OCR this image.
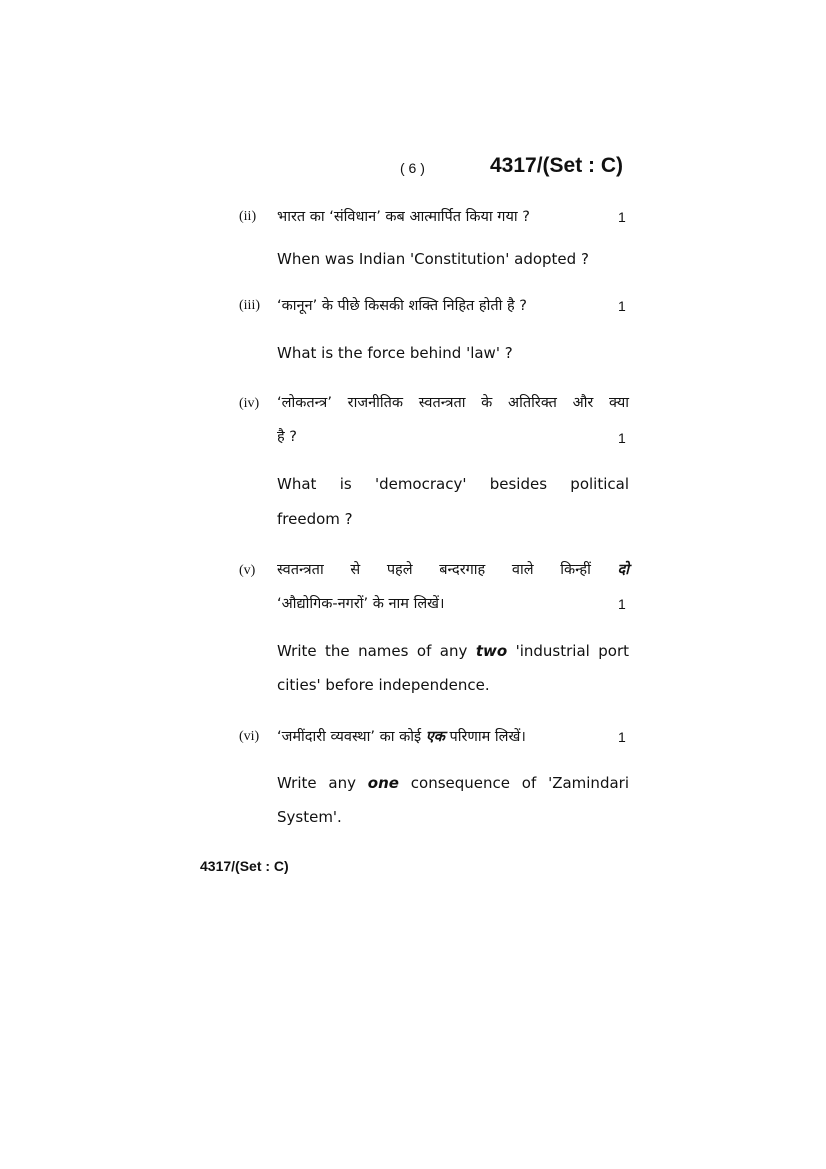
( 6 )	4317/(Set : C)
(ii) भारत का ‘संविधान’ कब आत्मार्पित किया गया ?	1

When was Indian 'Constitution' adopted ?

(iii) ‘कानून’ के पीछे किसकी शक्ति निहित होती है ?	1

What is the force behind 'law' ?

(iv) ‘लोकतन्त्र’ राजनीतिक स्वतन्त्रता के अतिरिक्त और क्या

है ?	1

What is 'democracy' besides political

freedom ?

(v) स्वतन्त्रता से पहले बन्दरगाह वाले किन्हीं दो

‘औद्योगिक-नगरों’ के नाम लिखें।	1

Write the names of any two 'industrial port cities' before independence.

(vi) ‘जमींदारी व्यवस्था’ का कोई एक परिणाम लिखें।	1

Write any one consequence of 'Zamindari System'.

4317/(Set : C)
